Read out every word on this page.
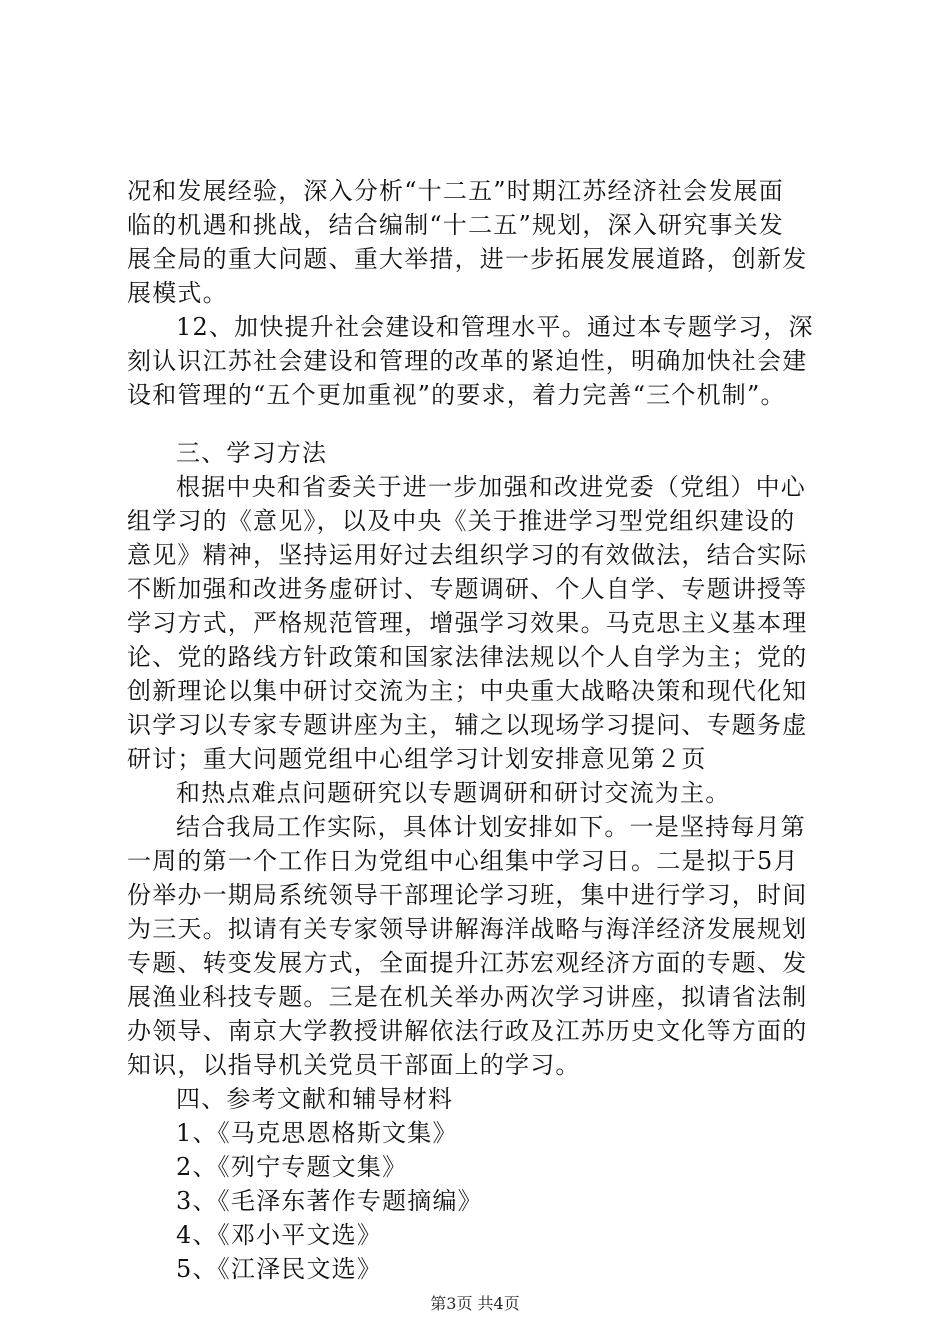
况和发展经验，深入分析“十二五”时期江苏经济社会发展面
临的机遇和挑战，结合编制“十二五”规划，深入研究事关发
展全局的重大问题、重大举措，进一步拓展发展道路，创新发
展模式。
12、加快提升社会建设和管理水平。通过本专题学习，深
刻认识江苏社会建设和管理的改革的紧迫性，明确加快社会建
设和管理的“五个更加重视”的要求，着力完善“三个机制”。
三、学习方法
根据中央和省委关于进一步加强和改进党委（党组）中心
组学习的《意见》，以及中央《关于推进学习型党组织建设的
意见》精神，坚持运用好过去组织学习的有效做法，结合实际
不断加强和改进务虚研讨、专题调研、个人自学、专题讲授等
学习方式，严格规范管理，增强学习效果。马克思主义基本理
论、党的路线方针政策和国家法律法规以个人自学为主；党的
创新理论以集中研讨交流为主；中央重大战略决策和现代化知
识学习以专家专题讲座为主，辅之以现场学习提问、专题务虚
研讨；重大问题党组中心组学习计划安排意见第２页
和热点难点问题研究以专题调研和研讨交流为主。
结合我局工作实际，具体计划安排如下。一是坚持每月第
一周的第一个工作日为党组中心组集中学习日。二是拟于5月
份举办一期局系统领导干部理论学习班，集中进行学习，时间
为三天。拟请有关专家领导讲解海洋战略与海洋经济发展规划
专题、转变发展方式，全面提升江苏宏观经济方面的专题、发
展渔业科技专题。三是在机关举办两次学习讲座，拟请省法制
办领导、南京大学教授讲解依法行政及江苏历史文化等方面的
知识，以指导机关党员干部面上的学习。
四、参考文献和辅导材料
1、《马克思恩格斯文集》
2、《列宁专题文集》
3、《毛泽东著作专题摘编》
4、《邓小平文选》
5、《江泽民文选》
第3页 共4页
